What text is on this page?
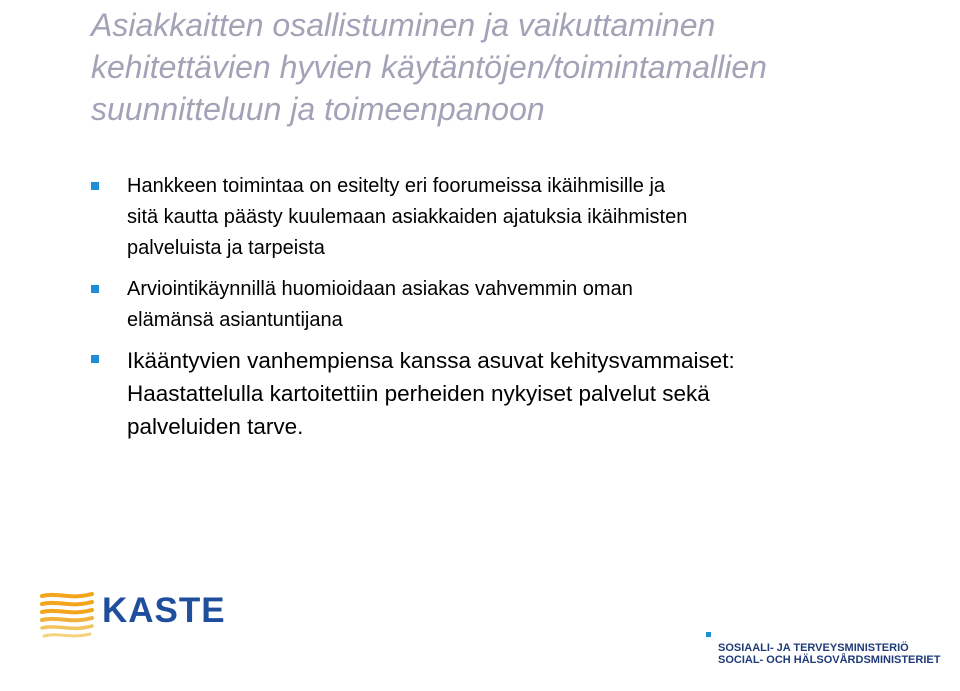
Asiakkaitten osallistuminen ja vaikuttaminen
kehitettävien hyvien käytäntöjen/toimintamallien
suunnitteluun ja toimeenpanoon
Hankkeen toimintaa on esitelty eri foorumeissa ikäihmisille ja
sitä kautta päästy kuulemaan asiakkaiden ajatuksia ikäihmisten
palveluista ja tarpeista
Arviointikäynnillä huomioidaan asiakas vahvemmin oman
elämänsä asiantuntijana
Ikääntyvien vanhempiensa kanssa asuvat kehitysvammaiset:
Haastattelulla kartoitettiin perheiden nykyiset palvelut sekä
palveluiden tarve.
KASTE
SOSIAALI- JA TERVEYSMINISTERIÖ
SOCIAL- OCH HÄLSOVÅRDSMINISTERIET
